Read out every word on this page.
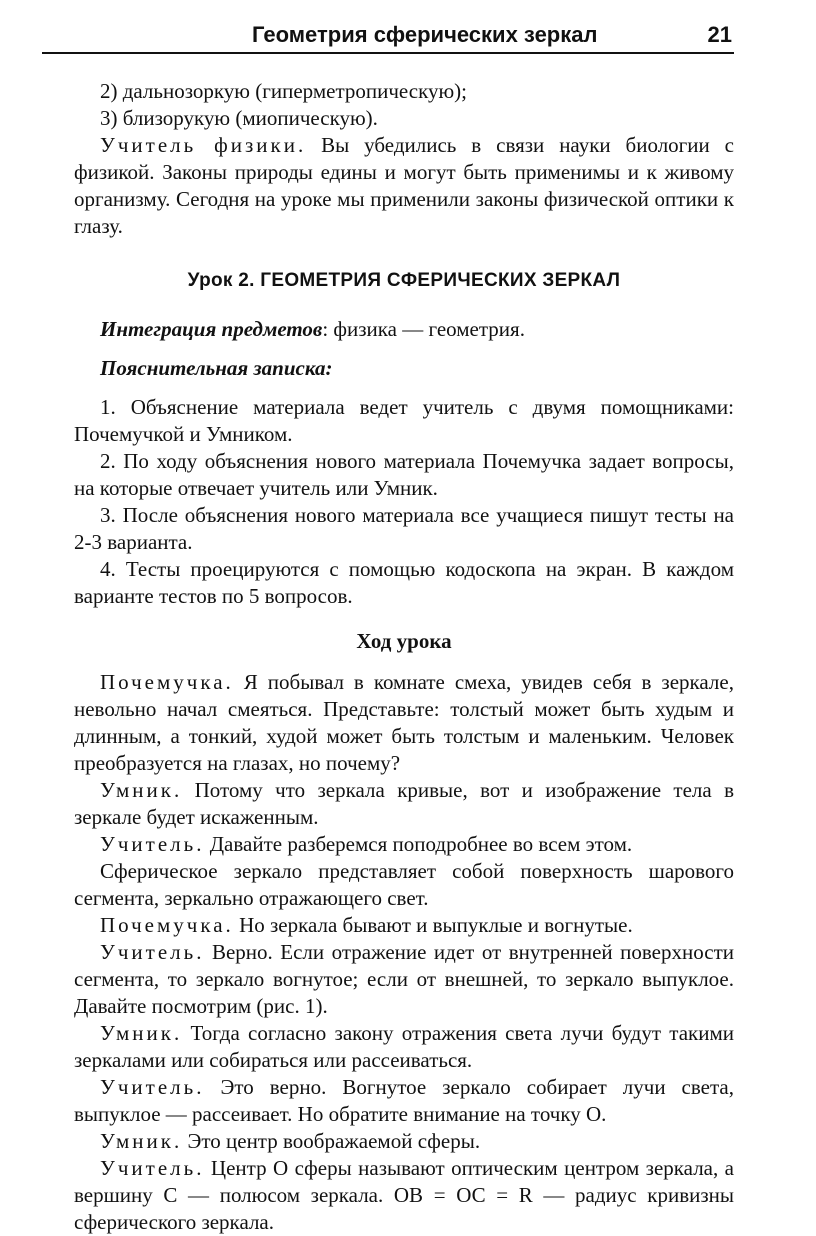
Геометрия сферических зеркал	21

2) дальнозоркую (гиперметропическую);

3) близорукую (миопическую).

Учитель физики. Вы убедились в связи науки биологии с физикой. Законы природы едины и могут быть применимы и к живому организму. Сегодня на уроке мы применили законы физической оптики к глазу.

Урок 2. ГЕОМЕТРИЯ СФЕРИЧЕСКИХ ЗЕРКАЛ

Интеграция предметов: физика — геометрия.

Пояснительная записка:

1. Объяснение материала ведет учитель с двумя помощниками: Почемучкой и Умником.

2. По ходу объяснения нового материала Почемучка задает вопросы, на которые отвечает учитель или Умник.

3. После объяснения нового материала все учащиеся пишут тесты на 2-3 варианта.

4. Тесты проецируются с помощью кодоскопа на экран. В каждом варианте тестов по 5 вопросов.

Ход урока

Почемучка. Я побывал в комнате смеха, увидев себя в зеркале, невольно начал смеяться. Представьте: толстый может быть худым и длинным, а тонкий, худой может быть толстым и маленьким. Человек преобразуется на глазах, но почему?

Умник. Потому что зеркала кривые, вот и изображение тела в зеркале будет искаженным.

Учитель. Давайте разберемся поподробнее во всем этом.

Сферическое зеркало представляет собой поверхность шарового сегмента, зеркально отражающего свет.

Почемучка. Но зеркала бывают и выпуклые и вогнутые.

Учитель. Верно. Если отражение идет от внутренней поверхности сегмента, то зеркало вогнутое; если от внешней, то зеркало выпуклое. Давайте посмотрим (рис. 1).

Умник. Тогда согласно закону отражения света лучи будут такими зеркалами или собираться или рассеиваться.

Учитель. Это верно. Вогнутое зеркало собирает лучи света, выпуклое — рассеивает. Но обратите внимание на точку О.

Умник. Это центр воображаемой сферы.

Учитель. Центр О сферы называют оптическим центром зеркала, а вершину С — полюсом зеркала. ОВ = ОС = R — радиус кривизны сферического зеркала.
